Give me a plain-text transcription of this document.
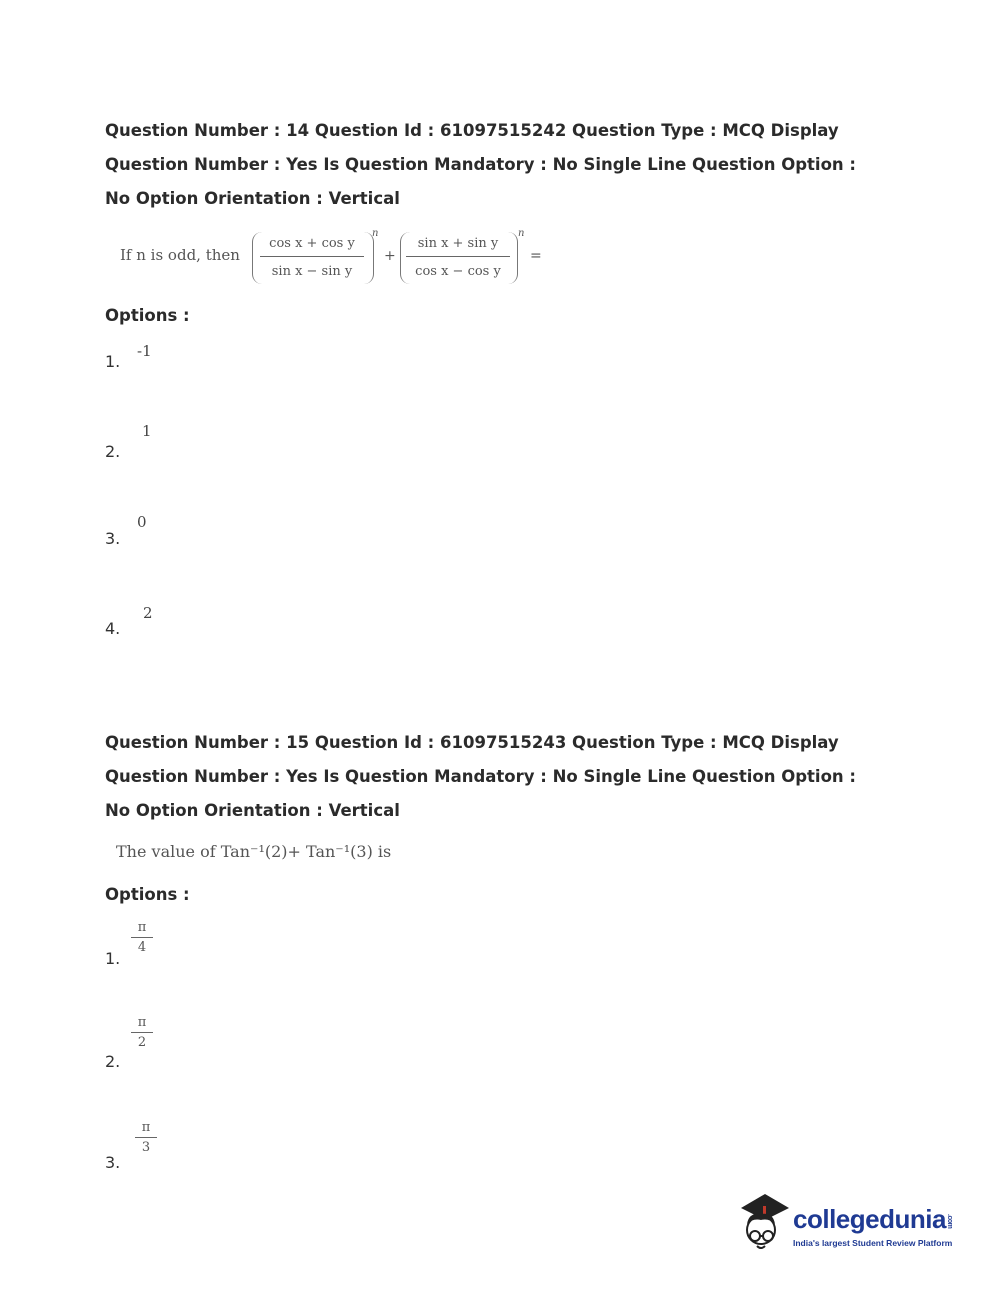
Question Number : 14 Question Id : 61097515242 Question Type : MCQ Display Question Number : Yes Is Question Mandatory : No Single Line Question Option : No Option Orientation : Vertical
If n is odd, then
cos x + cos y
sin x − sin y
n
+
sin x + sin y
cos x − cos y
n
=
Options :
1.
-1
2.
1
3.
0
4.
2
Question Number : 15 Question Id : 61097515243 Question Type : MCQ Display Question Number : Yes Is Question Mandatory : No Single Line Question Option : No Option Orientation : Vertical
The value of Tan⁻¹(2)+ Tan⁻¹(3) is
Options :
1.
π
4
2.
π
2
3.
π
3
collegedunia.com
India's largest Student Review Platform
